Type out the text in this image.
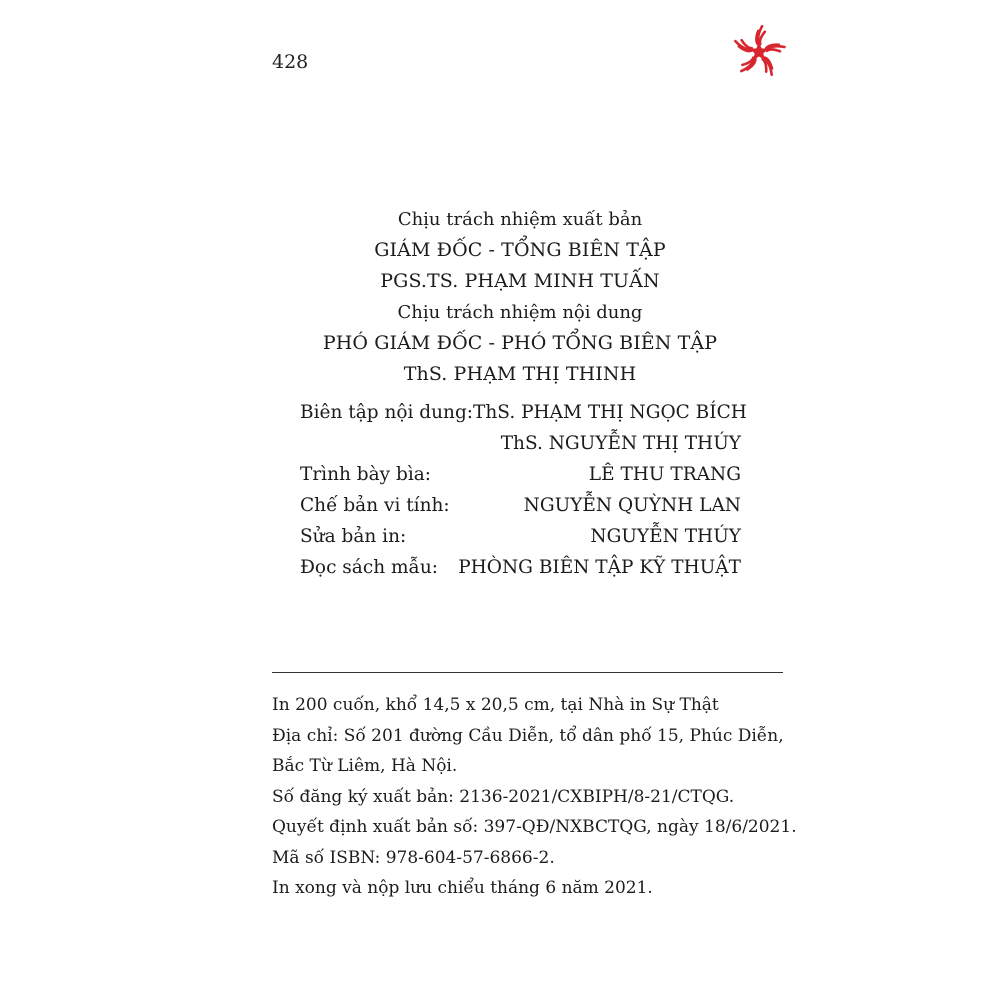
428
Chịu trách nhiệm xuất bản
GIÁM ĐỐC - TỔNG BIÊN TẬP
PGS.TS. PHẠM MINH TUẤN
Chịu trách nhiệm nội dung
PHÓ GIÁM ĐỐC - PHÓ TỔNG BIÊN TẬP
ThS. PHẠM THỊ THINH
Biên tập nội dung: ThS. PHẠM THỊ NGỌC BÍCH
ThS. NGUYỄN THỊ THÚY
Trình bày bìa:	LÊ THU TRANG
Chế bản vi tính:	NGUYỄN QUỲNH LAN
Sửa bản in:	NGUYỄN THÚY
Đọc sách mẫu: PHÒNG BIÊN TẬP KỸ THUẬT
In 200 cuốn, khổ 14,5 x 20,5 cm, tại Nhà in Sự Thật
Địa chỉ: Số 201 đường Cầu Diễn, tổ dân phố 15, Phúc Diễn,
Bắc Từ Liêm, Hà Nội.
Số đăng ký xuất bản: 2136-2021/CXBIPH/8-21/CTQG.
Quyết định xuất bản số: 397-QĐ/NXBCTQG, ngày 18/6/2021.
Mã số ISBN: 978-604-57-6866-2.
In xong và nộp lưu chiểu tháng 6 năm 2021.
